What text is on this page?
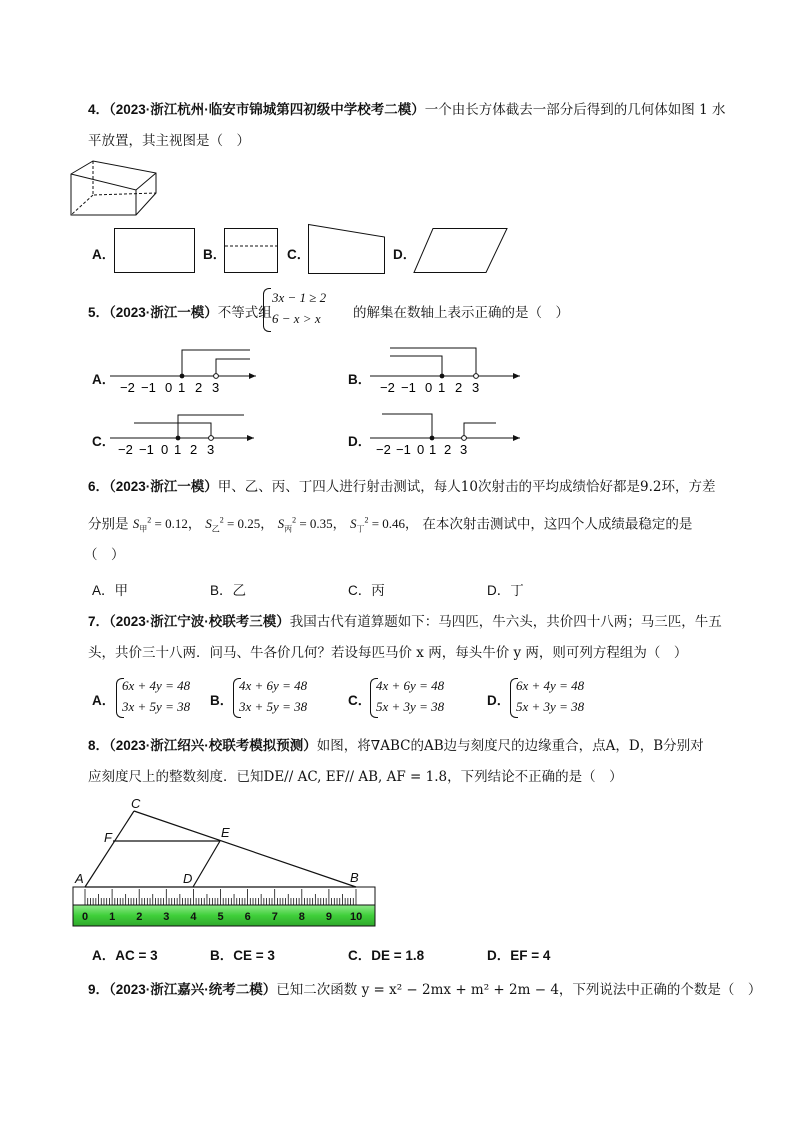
4．（2023·浙江杭州·临安市锦城第四初级中学校考二模）一个由长方体截去一部分后得到的几何体如图 1 水
平放置，其主视图是（　）
A．	B．	C．	D．
5．（2023·浙江一模）不等式组
3x − 1 ≥ 2
6 − x > x	的解集在数轴上表示正确的是（　）
A．
−2 −1 0 1 2 3
B．
−2 −1 0 1 2 3
C．
−2 −1 0 1 2 3
D．
−2 −1 0 1 2 3
6．（2023·浙江一模）甲、乙、丙、丁四人进行射击测试，每人10次射击的平均成绩恰好都是9.2环，方差
分别是 $S_甲^2 = 0.12$， $S_乙^2 = 0.25$， $S_丙^2 = 0.35$， $S_丁^2 = 0.46$， 在本次射击测试中，这四个人成绩最稳定的是
（　）
A．甲	B．乙	C．丙	D．丁
7．（2023·浙江宁波·校联考三模）我国古代有道算题如下：马四匹，牛六头，共价四十八两；马三匹，牛五
头，共价三十八两．问马、牛各价几何？若设每匹马价 x 两，每头牛价 y 两，则可列方程组为（　）
A．
6x + 4y = 48
3x + 5y = 38 B．
4x + 6y = 48
3x + 5y = 38	C．
4x + 6y = 48
5x + 3y = 38	D．
6x + 4y = 48
5x + 3y = 38
8．（2023·浙江绍兴·校联考模拟预测）如图，将∇ABC的AB边与刻度尺的边缘重合，点A，D，B分别对
应刻度尺上的整数刻度．已知DE// AC, EF// AB, AF = 1.8，下列结论不正确的是（　）
0 1 2 3 4 5 6 7 8 9 10
A	B
C
D
E
F
A．AC = 3	B．CE = 3	C．DE = 1.8	D．EF = 4
9．（2023·浙江嘉兴·统考二模）已知二次函数 y = x² − 2mx + m² + 2m − 4，下列说法中正确的个数是（　）
